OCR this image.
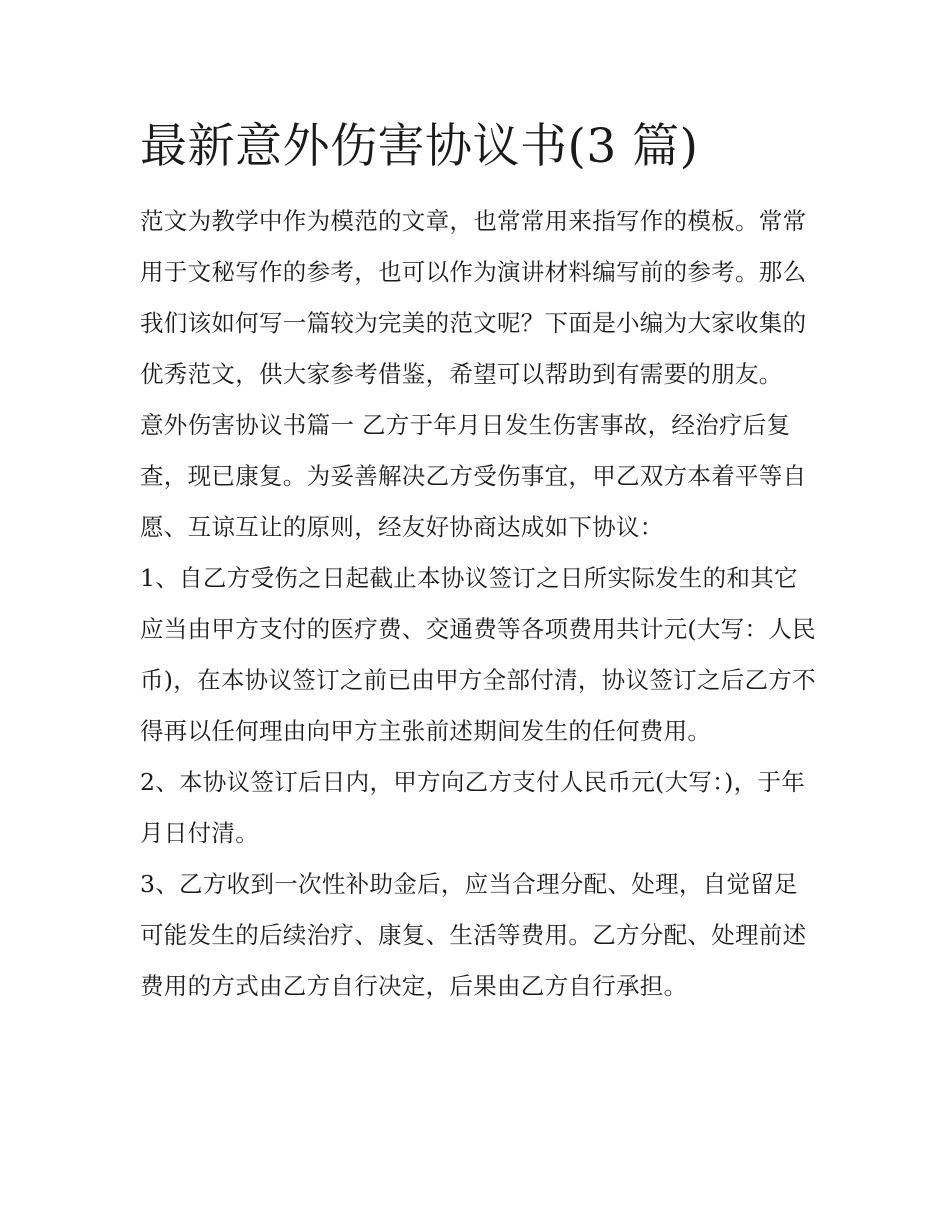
最新意外伤害协议书(3 篇)

范文为教学中作为模范的文章，也常常用来指写作的模板。常常用于文秘写作的参考，也可以作为演讲材料编写前的参考。那么我们该如何写一篇较为完美的范文呢？下面是小编为大家收集的优秀范文，供大家参考借鉴，希望可以帮助到有需要的朋友。

意外伤害协议书篇一 乙方于年月日发生伤害事故，经治疗后复查，现已康复。为妥善解决乙方受伤事宜，甲乙双方本着平等自愿、互谅互让的原则，经友好协商达成如下协议：

1、自乙方受伤之日起截止本协议签订之日所实际发生的和其它应当由甲方支付的医疗费、交通费等各项费用共计元(大写：人民币)，在本协议签订之前已由甲方全部付清，协议签订之后乙方不得再以任何理由向甲方主张前述期间发生的任何费用。

2、本协议签订后日内，甲方向乙方支付人民币元(大写：)，于年月日付清。

3、乙方收到一次性补助金后，应当合理分配、处理，自觉留足可能发生的后续治疗、康复、生活等费用。乙方分配、处理前述费用的方式由乙方自行决定，后果由乙方自行承担。
